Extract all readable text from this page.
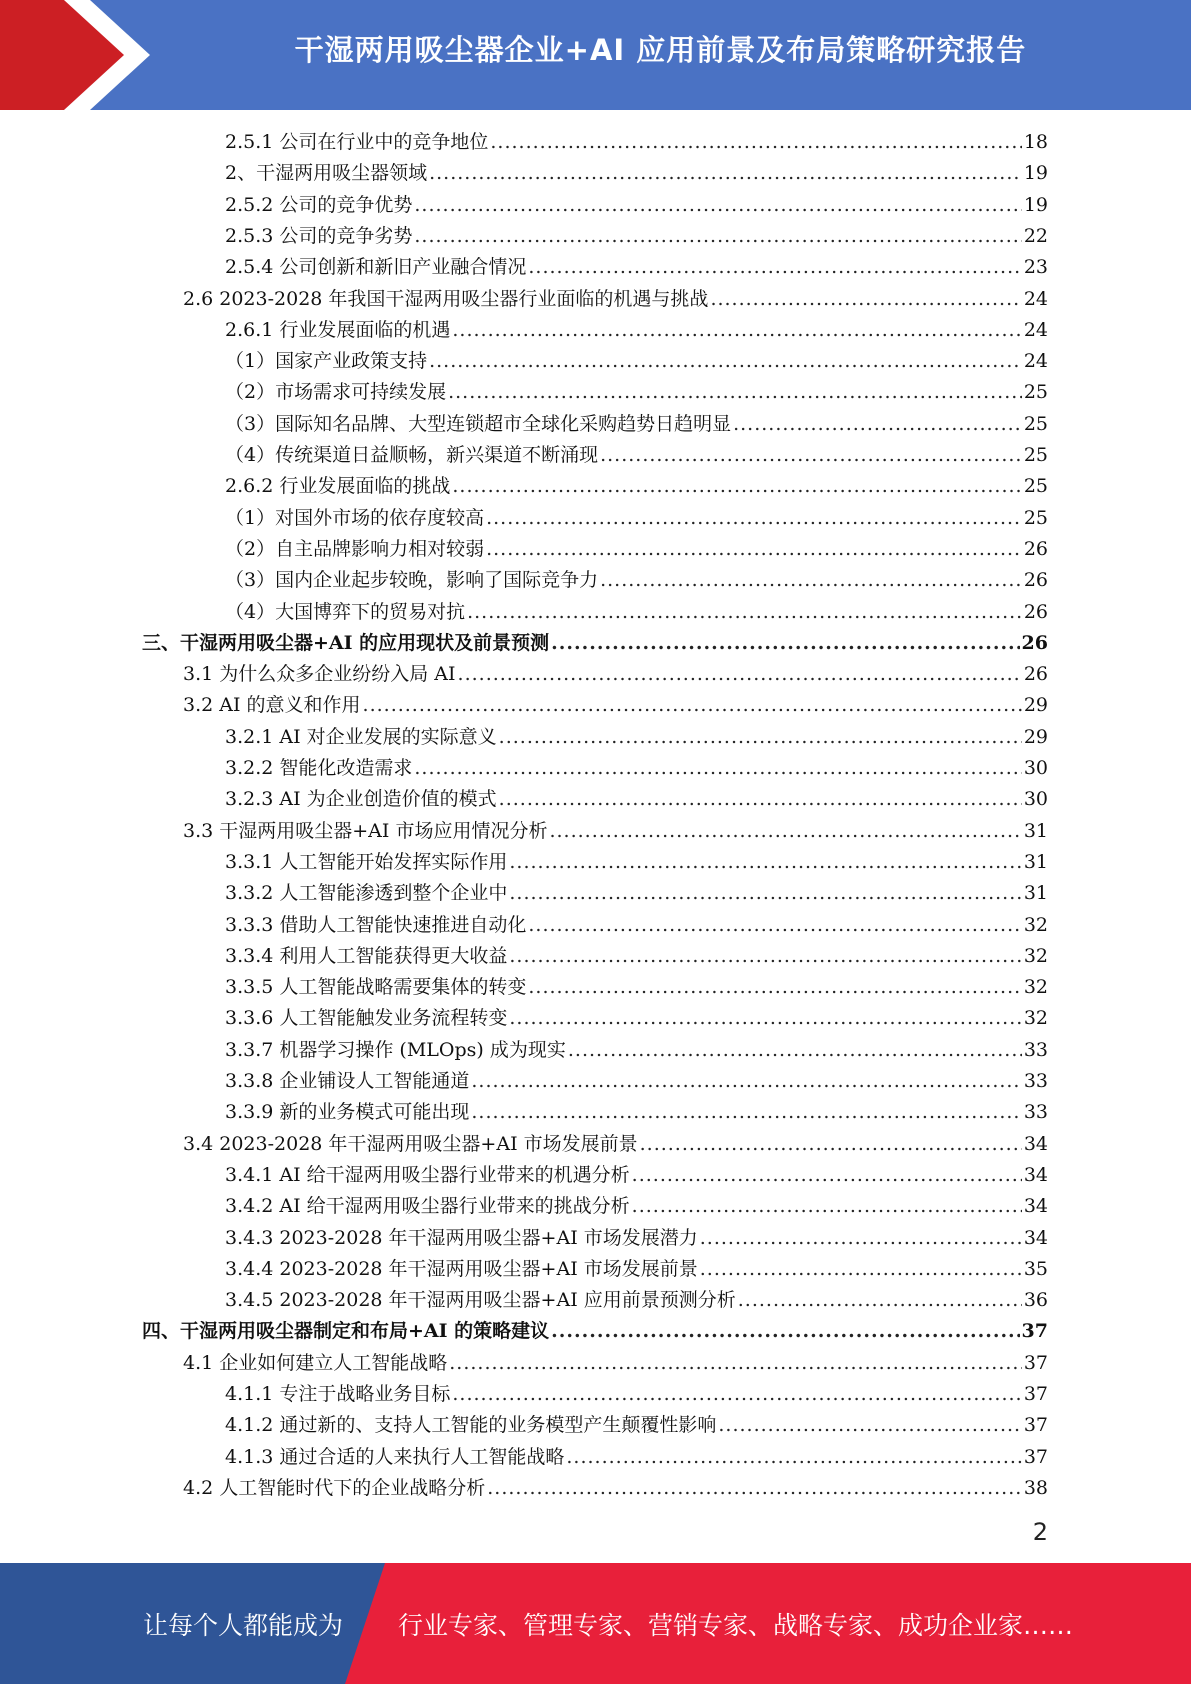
干湿两用吸尘器企业+AI 应用前景及布局策略研究报告
2.5.1 公司在行业中的竞争地位 .....	18
2、干湿两用吸尘器领域 .....	19
2.5.2 公司的竞争优势 .....	19
2.5.3 公司的竞争劣势 .....	22
2.5.4 公司创新和新旧产业融合情况 .....	23
2.6 2023-2028 年我国干湿两用吸尘器行业面临的机遇与挑战 .....	24
2.6.1 行业发展面临的机遇 .....	24
（1）国家产业政策支持 .....	24
（2）市场需求可持续发展 .....	25
（3）国际知名品牌、大型连锁超市全球化采购趋势日趋明显 .....	25
（4）传统渠道日益顺畅，新兴渠道不断涌现 .....	25
2.6.2 行业发展面临的挑战 .....	25
（1）对国外市场的依存度较高 .....	25
（2）自主品牌影响力相对较弱 .....	26
（3）国内企业起步较晚，影响了国际竞争力 .....	26
（4）大国博弈下的贸易对抗 .....	26
三、干湿两用吸尘器+AI 的应用现状及前景预测 .....	26
3.1 为什么众多企业纷纷入局 AI .....	26
3.2 AI 的意义和作用 .....	29
3.2.1 AI 对企业发展的实际意义 .....	29
3.2.2 智能化改造需求 .....	30
3.2.3 AI 为企业创造价值的模式 .....	30
3.3 干湿两用吸尘器+AI 市场应用情况分析 .....	31
3.3.1 人工智能开始发挥实际作用 .....	31
3.3.2 人工智能渗透到整个企业中 .....	31
3.3.3 借助人工智能快速推进自动化 .....	32
3.3.4 利用人工智能获得更大收益 .....	32
3.3.5 人工智能战略需要集体的转变 .....	32
3.3.6 人工智能触发业务流程转变 .....	32
3.3.7 机器学习操作 (MLOps) 成为现实 .....	33
3.3.8 企业铺设人工智能通道 .....	33
3.3.9 新的业务模式可能出现 .....	33
3.4 2023-2028 年干湿两用吸尘器+AI 市场发展前景 .....	34
3.4.1 AI 给干湿两用吸尘器行业带来的机遇分析 .....	34
3.4.2 AI 给干湿两用吸尘器行业带来的挑战分析 .....	34
3.4.3 2023-2028 年干湿两用吸尘器+AI 市场发展潜力 .....	34
3.4.4 2023-2028 年干湿两用吸尘器+AI 市场发展前景 .....	35
3.4.5 2023-2028 年干湿两用吸尘器+AI 应用前景预测分析 .....	36
四、干湿两用吸尘器制定和布局+AI 的策略建议 .....	37
4.1 企业如何建立人工智能战略 .....	37
4.1.1 专注于战略业务目标 .....	37
4.1.2 通过新的、支持人工智能的业务模型产生颠覆性影响 .....	37
4.1.3 通过合适的人来执行人工智能战略 .....	37
4.2 人工智能时代下的企业战略分析 .....	38
2
让每个人都能成为 行业专家、管理专家、营销专家、战略专家、成功企业家……
